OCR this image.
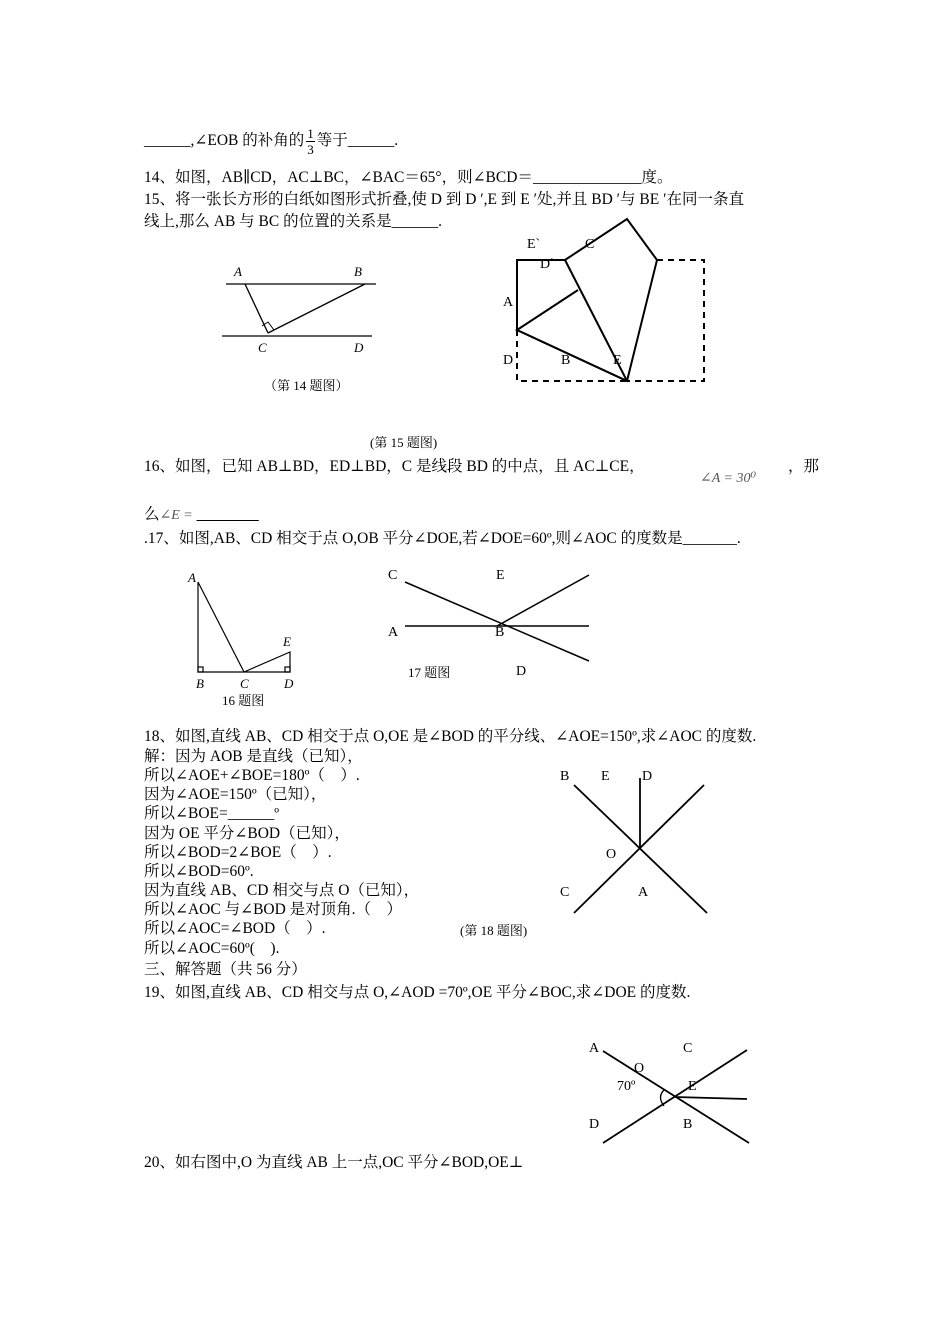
______,∠EOB 的补角的 $\frac{1}{3}$ 等于______.
14、如图，AB∥CD，AC⊥BC，∠BAC＝65°，则∠BCD＝______________度。
15、将一张长方形的白纸如图形式折叠,使 D 到 D ′,E 到 E ′处,并且 BD ′与 BE ′在同一条直
线上,那么 AB 与 BC 的位置的关系是______.
A	B
C	D
（第 14 题图）
E`
D`
C
A
D	B	E
(第 15 题图)
16、如图，已知 AB⊥BD，ED⊥BD，C 是线段 BD 的中点，且 AC⊥CE，
∠A = 30⁰
，那
么∠E = ________
.17、如图,AB、CD 相交于点 O,OB 平分∠DOE,若∠DOE=60º,则∠AOC 的度数是_______.
A
B	C	D
E
16 题图
C	E
A	B
D
17 题图
18、如图,直线 AB、CD 相交于点 O,OE 是∠BOD 的平分线、∠AOE=150º,求∠AOC 的度数.
解：因为 AOB 是直线（已知），
所以∠AOE+∠BOE=180º（　）.
因为∠AOE=150º（已知），
所以∠BOE=______º
因为 OE 平分∠BOD（已知），
所以∠BOD=2∠BOE（　）.
所以∠BOD=60º.
因为直线 AB、CD 相交与点 O（已知），
所以∠AOC 与∠BOD 是对顶角.（　）
所以∠AOC=∠BOD（　）.
所以∠AOC=60º(　).
B E D
O
C	A
(第 18 题图)
三、解答题（共 56 分）
19、如图,直线 AB、CD 相交与点 O,∠AOD =70º,OE 平分∠BOC,求∠DOE 的度数.
A	C
O
70º	E
D	B
20、如右图中,O 为直线 AB 上一点,OC 平分∠BOD,OE⊥
